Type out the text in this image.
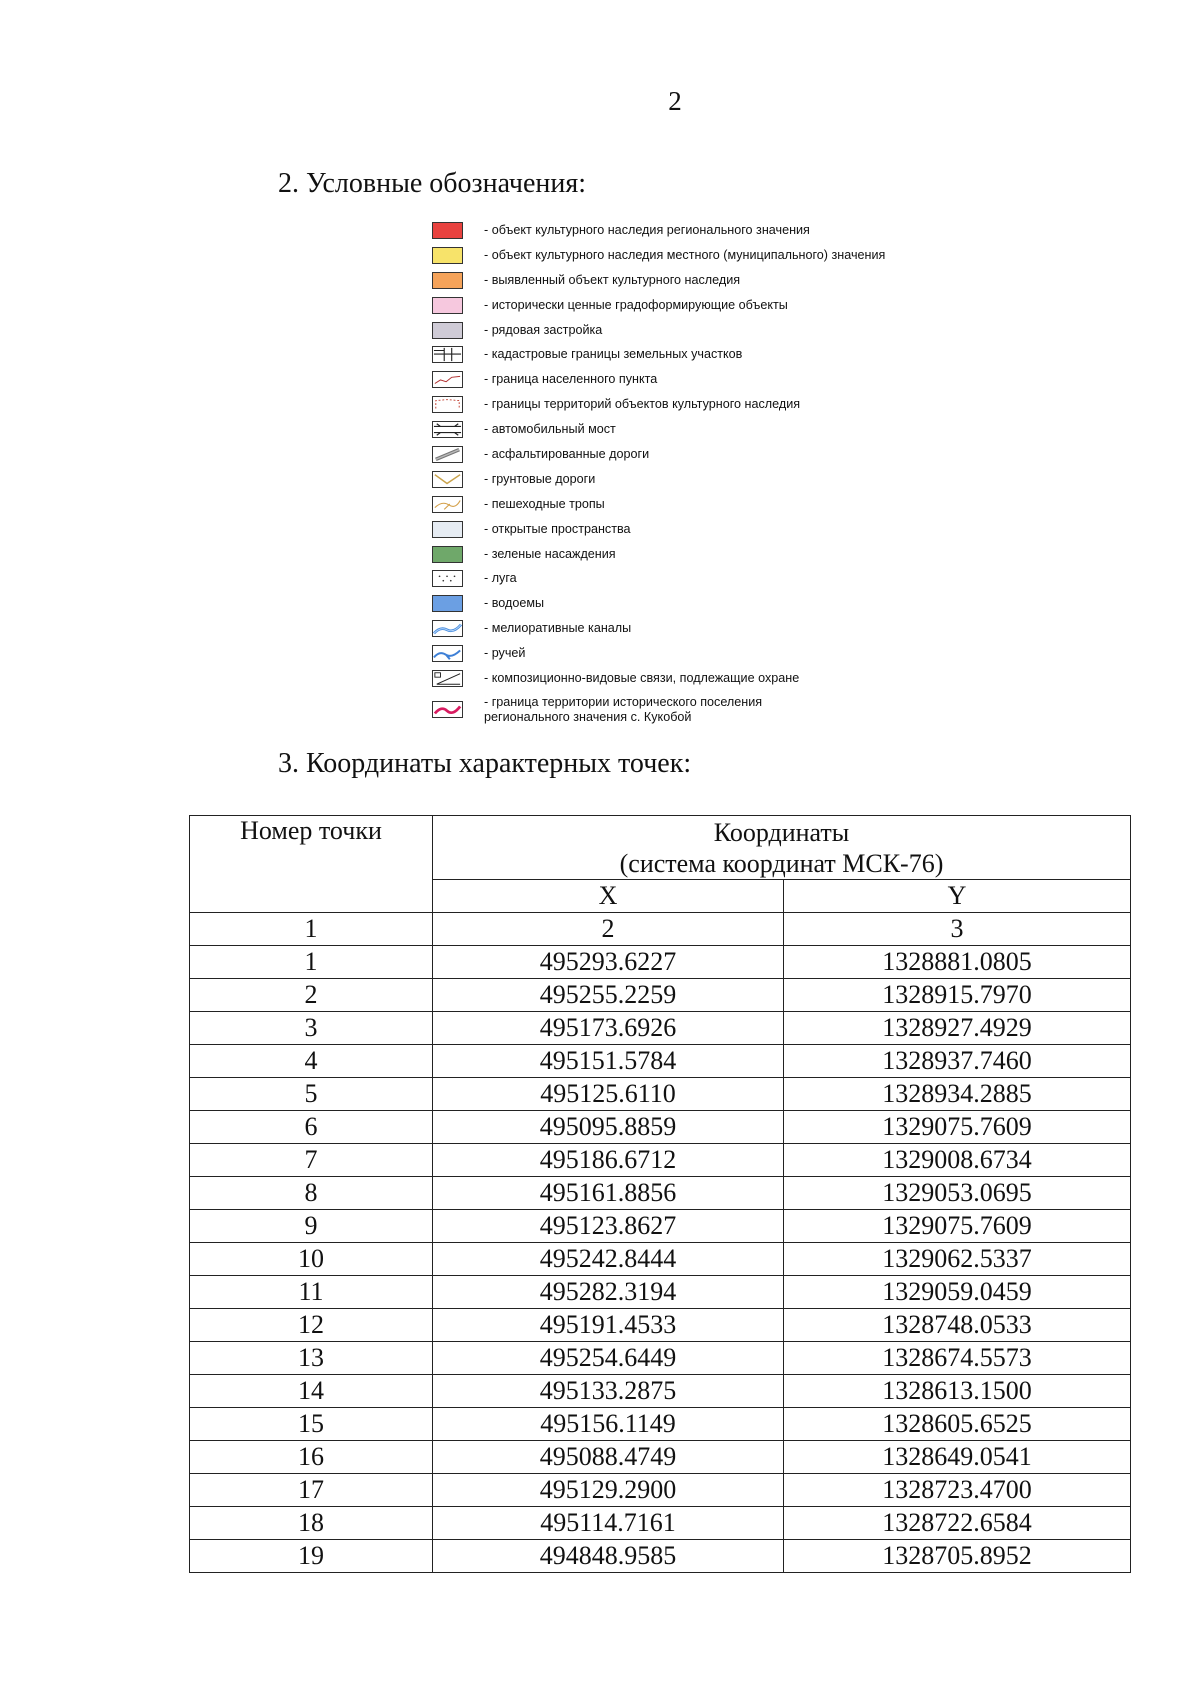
2
2. Условные обозначения:
- объект культурного наследия регионального значения
- объект культурного наследия местного (муниципального) значения
- выявленный объект культурного наследия
- исторически ценные градоформирующие объекты
- рядовая застройка
- кадастровые границы земельных участков
- граница населенного пункта
- границы территорий объектов культурного наследия
- автомобильный мост
- асфальтированные дороги
- грунтовые дороги
- пешеходные тропы
- открытые пространства
- зеленые насаждения
- луга
- водоемы
- мелиоративные каналы
- ручей
- композиционно-видовые связи, подлежащие охране
- граница территории исторического поселения
регионального значения с. Кукобой
3. Координаты характерных точек:
Номер точки	Координаты
(система координат МСК-76)	

	X	Y
1	2	3
1	495293.6227	1328881.0805
2	495255.2259	1328915.7970
3	495173.6926	1328927.4929
4	495151.5784	1328937.7460
5	495125.6110	1328934.2885
6	495095.8859	1329075.7609
7	495186.6712	1329008.6734
8	495161.8856	1329053.0695
9	495123.8627	1329075.7609
10	495242.8444	1329062.5337
11	495282.3194	1329059.0459
12	495191.4533	1328748.0533
13	495254.6449	1328674.5573
14	495133.2875	1328613.1500
15	495156.1149	1328605.6525
16	495088.4749	1328649.0541
17	495129.2900	1328723.4700
18	495114.7161	1328722.6584
19	494848.9585	1328705.8952
